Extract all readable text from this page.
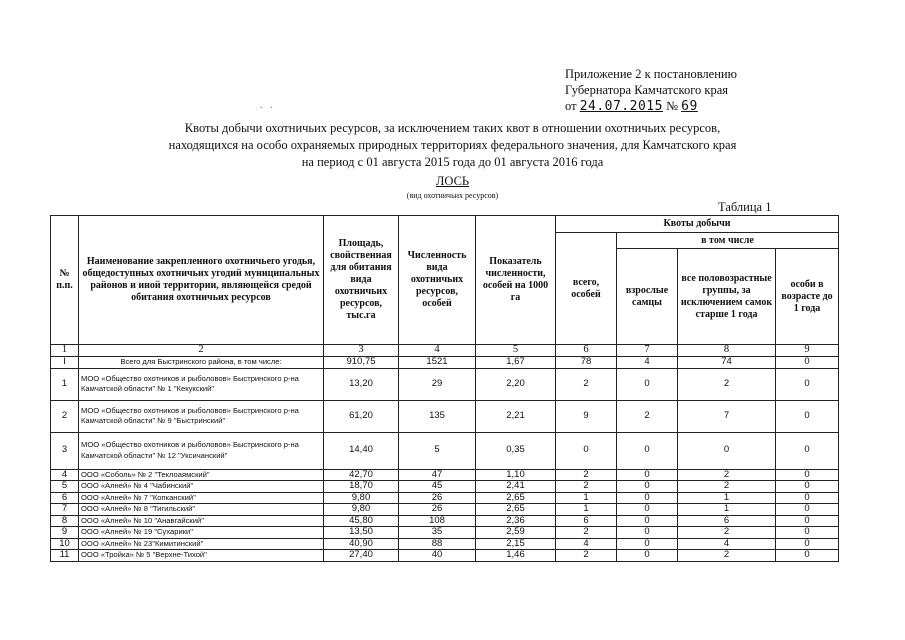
Приложение 2 к постановлению
Губернатора Камчатского края
от 24.07.2015 № 69
Квоты добычи охотничьих ресурсов, за исключением таких квот в отношении охотничьих ресурсов,
находящихся на особо охраняемых природных территориях федерального значения, для Камчатского края
на период с 01 августа 2015 года до 01 августа 2016 года
ЛОСЬ
(вид охотничьих ресурсов)
Таблица 1
№ п.п.	Наименование закрепленного охотничьего угодья, общедоступных охотничьих угодий муниципальных районов и иной территории, являющейся средой обитания охотничьих ресурсов	Площадь, свойственная для обитания вида охотничьих ресурсов, тыс.га	Численность вида охотничьих ресурсов, особей	Показатель численности, особей на 1000 га	Квоты добычи			
					всего, особей	в том числе		
						взрослые самцы	все половозрастные группы, за исключением самок старше 1 года	особи в возрасте до 1 года
1	2	3	4	5	6	7	8	9
I	Всего для Быстринского района, в том числе:	910,75	1521	1,67	78	4	74	0
1	МОО «Общество охотников и рыболовов» Быстринского р-на Камчатской области" № 1 "Кекукский"	13,20	29	2,20	2	0	2	0
2	МОО «Общество охотников и рыболовов» Быстринского р-на Камчатской области" № 9 "Быстринский"	61,20	135	2,21	9	2	7	0
3	МОО «Общество охотников и рыболовов» Быстринского р-на Камчатской области" № 12 "Уксичанский"	14,40	5	0,35	0	0	0	0
4	ООО «Соболь» № 2 "Теклоаямский"	42,70	47	1,10	2	0	2	0
5	ООО «Алней» № 4 "Чабинский"	18,70	45	2,41	2	0	2	0
6	ООО «Алней» № 7 "Копканский"	9,80	26	2,65	1	0	1	0
7	ООО «Алней» № 8 "Тигильский"	9,80	26	2,65	1	0	1	0
8	ООО «Алней» № 10 "Анавгайский"	45,80	108	2,36	6	0	6	0
9	ООО «Алней» № 19 "Сухарики"	13,50	35	2,59	2	0	2	0
10	ООО «Алней» № 23"Кимитинский"	40,90	88	2,15	4	0	4	0
11	ООО «Тройка» № 5 "Верхне-Тихой"	27,40	40	1,46	2	0	2	0
.   .
